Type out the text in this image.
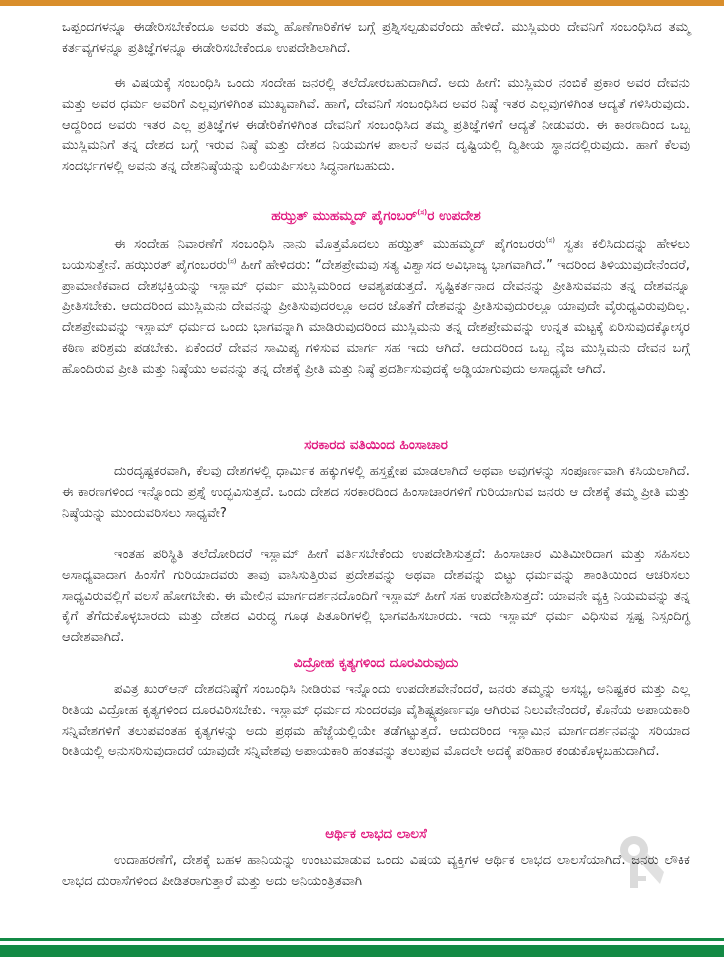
ಒಪ್ಪಂದಗಳನ್ನೂ ಈಡೇರಿಸಬೇಕೆಂದೂ ಅವರು ತಮ್ಮ ಹೊಣೆಗಾರಿಕೆಗಳ ಬಗ್ಗೆ ಪ್ರಶ್ನಿಸಲ್ಪಡುವರೆಂದು ಹೇಳಿದೆ. ಮುಸ್ಲಿಮರು ದೇವನಿಗೆ ಸಂಬಂಧಿಸಿದ ತಮ್ಮ ಕರ್ತವ್ಯಗಳನ್ನೂ ಪ್ರತಿಜ್ಞೆಗಳನ್ನೂ ಈಡೇರಿಸಬೇಕೆಂದೂ ಉಪದೇಶಿಲಾಗಿದೆ.

ಈ ವಿಷಯಕ್ಕೆ ಸಂಬಂಧಿಸಿ ಒಂದು ಸಂದೇಹ ಜನರಲ್ಲಿ ತಲೆದೋರಬಹುದಾಗಿದೆ. ಅದು ಹೀಗೆ: ಮುಸ್ಲಿಮರ ನಂಬಿಕೆ ಪ್ರಕಾರ ಅವರ ದೇವನು ಮತ್ತು ಅವರ ಧರ್ಮ ಅವರಿಗೆ ಎಲ್ಲವುಗಳಿಗಿಂತ ಮುಖ್ಯವಾಗಿವೆ. ಹಾಗೆ, ದೇವನಿಗೆ ಸಂಬಂಧಿಸಿದ ಅವರ ನಿಷ್ಠೆ ಇತರ ಎಲ್ಲವುಗಳಿಗಿಂತ ಆದ್ಯತೆ ಗಳಿಸಿರುವುದು. ಆದ್ದರಿಂದ ಅವರು ಇತರ ಎಲ್ಲ ಪ್ರತಿಜ್ಞೆಗಳ ಈಡೇರಿಕೆಗಳಿಗಿಂತ ದೇವನಿಗೆ ಸಂಬಂಧಿಸಿದ ತಮ್ಮ ಪ್ರತಿಜ್ಞೆಗಳಿಗೆ ಆದ್ಯತೆ ನೀಡುವರು. ಈ ಕಾರಣದಿಂದ ಒಬ್ಬ ಮುಸ್ಲಿಮನಿಗೆ ತನ್ನ ದೇಶದ ಬಗ್ಗೆ ಇರುವ ನಿಷ್ಠೆ ಮತ್ತು ದೇಶದ ನಿಯಮಗಳ ಪಾಲನೆ ಅವನ ದೃಷ್ಟಿಯಲ್ಲಿ ದ್ವಿತೀಯ ಸ್ಥಾನದಲ್ಲಿರುವುದು. ಹಾಗೆ ಕೆಲವು ಸಂದರ್ಭಗಳಲ್ಲಿ ಅವನು ತನ್ನ ದೇಶನಿಷ್ಠೆಯನ್ನು ಬಲಿಯರ್ಪಿಸಲು ಸಿದ್ಧನಾಗಬಹುದು.

ಹಝ್ರತ್ ಮುಹಮ್ಮದ್ ಪೈಗಂಬರ್$^{(ಸ)}$ರ ಉಪದೇಶ

ಈ ಸಂದೇಹ ನಿವಾರಣೆಗೆ ಸಂಬಂಧಿಸಿ ನಾನು ಮೊತ್ತಮೊದಲು ಹಝ್ರತ್ ಮುಹಮ್ಮದ್ ಪೈಗಂಬರರು$^{(ಸ)}$ ಸ್ವತಃ ಕಲಿಸಿದುದನ್ನು ಹೇಳಲು ಬಯಸುತ್ತೇನೆ. ಹಝುರತ್ ಪೈಗಂಬರರು$^{(ಸ)}$ ಹೀಗೆ ಹೇಳಿದರು: “ದೇಶಪ್ರೇಮವು ಸತ್ಯ ವಿಶ್ವಾಸದ ಅವಿಭಾಜ್ಯ ಭಾಗವಾಗಿದೆ.” ಇದರಿಂದ ತಿಳಿಯುವುದೇನೆಂದರೆ, ಪ್ರಾಮಾಣಿಕವಾದ ದೇಶಭಕ್ತಿಯನ್ನು ಇಸ್ಲಾಮ್ ಧರ್ಮ ಮುಸ್ಲಿಮರಿಂದ ಆವಶ್ಯಪಡುತ್ತದೆ. ಸೃಷ್ಟಿಕರ್ತನಾದ ದೇವನನ್ನು ಪ್ರೀತಿಸುವವನು ತನ್ನ ದೇಶವನ್ನೂ ಪ್ರೀತಿಸಬೇಕು. ಆದುದರಿಂದ ಮುಸ್ಲಿಮನು ದೇವನನ್ನು ಪ್ರೀತಿಸುವುದರಲ್ಲೂ ಅದರ ಜೊತೆಗೆ ದೇಶವನ್ನು ಪ್ರೀತಿಸುವುದುರಲ್ಲೂ ಯಾವುದೇ ವೈರುಧ್ಯವಿರುವುದಿಲ್ಲ. ದೇಶಪ್ರೇಮವನ್ನು ಇಸ್ಲಾಮ್ ಧರ್ಮದ ಒಂದು ಭಾಗವನ್ನಾಗಿ ಮಾಡಿರುವುದರಿಂದ ಮುಸ್ಲಿಮನು ತನ್ನ ದೇಶಪ್ರೇಮವನ್ನು ಉನ್ನತ ಮಟ್ಟಕ್ಕೆ ಏರಿಸುವುದಕ್ಕೋಸ್ಕರ ಕಠಿಣ ಪರಿಶ್ರಮ ಪಡಬೇಕು. ಏಕೆಂದರೆ ದೇವನ ಸಾಮಿಪ್ಯ ಗಳಿಸುವ ಮಾರ್ಗ ಸಹ ಇದು ಆಗಿದೆ. ಆದುದರಿಂದ ಒಬ್ಬ ನೈಜ ಮುಸ್ಲಿಮನು ದೇವನ ಬಗ್ಗೆ ಹೊಂದಿರುವ ಪ್ರೀತಿ ಮತ್ತು ನಿಷ್ಠೆಯು ಅವನನ್ನು ತನ್ನ ದೇಶಕ್ಕೆ ಪ್ರೀತಿ ಮತ್ತು ನಿಷ್ಠೆ ಪ್ರದರ್ಶಿಸುವುದಕ್ಕೆ ಅಡ್ಡಿಯಾಗುವುದು ಅಸಾಧ್ಯವೇ ಆಗಿದೆ.

ಸರಕಾರದ ವತಿಯಿಂದ ಹಿಂಸಾಚಾರ

ದುರದೃಷ್ಟಕರವಾಗಿ, ಕೆಲವು ದೇಶಗಳಲ್ಲಿ ಧಾರ್ಮಿಕ ಹಕ್ಕುಗಳಲ್ಲಿ ಹಸ್ತಕ್ಷೇಪ ಮಾಡಲಾಗಿದೆ ಅಥವಾ ಅವುಗಳನ್ನು ಸಂಪೂರ್ಣವಾಗಿ ಕಸಿಯಲಾಗಿದೆ. ಈ ಕಾರಣಗಳಿಂದ ಇನ್ನೊಂದು ಪ್ರಶ್ನೆ ಉದ್ಭವಿಸುತ್ತದೆ. ಒಂದು ದೇಶದ ಸರಕಾರದಿಂದ ಹಿಂಸಾಚಾರಗಳಿಗೆ ಗುರಿಯಾಗುವ ಜನರು ಆ ದೇಶಕ್ಕೆ ತಮ್ಮ ಪ್ರೀತಿ ಮತ್ತು ನಿಷ್ಠೆಯನ್ನು ಮುಂದುವರಿಸಲು ಸಾಧ್ಯವೇ?

ಇಂತಹ ಪರಿಸ್ಥಿತಿ ತಲೆದೋರಿದರೆ ಇಸ್ಲಾಮ್ ಹೀಗೆ ವರ್ತಿಸಬೇಕೆಂದು ಉಪದೇಶಿಸುತ್ತದೆ: ಹಿಂಸಾಚಾರ ಮಿತಿಮೀರಿದಾಗ ಮತ್ತು ಸಹಿಸಲು ಅಸಾಧ್ಯವಾದಾಗ ಹಿಂಸೆಗೆ ಗುರಿಯಾದವರು ತಾವು ವಾಸಿಸುತ್ತಿರುವ ಪ್ರದೇಶವನ್ನು ಅಥವಾ ದೇಶವನ್ನು ಬಿಟ್ಟು ಧರ್ಮವನ್ನು ಶಾಂತಿಯಿಂದ ಆಚರಿಸಲು ಸಾಧ್ಯವಿರುವಲ್ಲಿಗೆ ವಲಸೆ ಹೋಗಬೇಕು. ಈ ಮೇಲಿನ ಮಾರ್ಗದರ್ಶನದೊಂದಿಗೆ ಇಸ್ಲಾಮ್ ಹೀಗೆ ಸಹ ಉಪದೇಶಿಸುತ್ತದೆ: ಯಾವನೇ ವ್ಯಕ್ತಿ ನಿಯಮವನ್ನು ತನ್ನ ಕೈಗೆ ತೆಗೆದುಕೊಳ್ಳಬಾರದು ಮತ್ತು ದೇಶದ ವಿರುದ್ಧ ಗೂಢ ಪಿತೂರಿಗಳಲ್ಲಿ ಭಾಗವಹಿಸಬಾರದು. ಇದು ಇಸ್ಲಾಮ್ ಧರ್ಮ ವಿಧಿಸುವ ಸ್ಪಷ್ಟ ನಿಸ್ಸಂದಿಗ್ಧ ಆದೇಶವಾಗಿದೆ.

ವಿದ್ರೋಹ ಕೃತ್ಯಗಳಿಂದ ದೂರವಿರುವುದು

ಪವಿತ್ರ ಖುರ್‌ಆನ್ ದೇಶದನಿಷ್ಠೆಗೆ ಸಂಬಂಧಿಸಿ ನೀಡಿರುವ ಇನ್ನೊಂದು ಉಪದೇಶವೇನೆಂದರೆ, ಜನರು ತಮ್ಮನ್ನು ಅಸಭ್ಯ, ಅನಿಷ್ಟಕರ ಮತ್ತು ಎಲ್ಲ ರೀತಿಯ ವಿದ್ರೋಹ ಕೃತ್ಯಗಳಿಂದ ದೂರವಿರಿಸಬೇಕು. ಇಸ್ಲಾಮ್ ಧರ್ಮದ ಸುಂದರವೂ ವೈಶಿಷ್ಟ್ಯಪೂರ್ಣವೂ ಆಗಿರುವ ನಿಲುವೇನೆಂದರೆ, ಕೊನೆಯ ಅಪಾಯಕಾರಿ ಸನ್ನಿವೇಶಗಳಿಗೆ ತಲುಪವಂತಹ ಕೃತ್ಯಗಳನ್ನು ಅದು ಪ್ರಥಮ ಹೆಜ್ಜೆಯಲ್ಲಿಯೇ ತಡೆಗಟ್ಟುತ್ತದೆ. ಆದುದರಿಂದ ಇಸ್ಲಾಮಿನ ಮಾರ್ಗದರ್ಶನವನ್ನು ಸರಿಯಾದ ರೀತಿಯಲ್ಲಿ ಅನುಸರಿಸುವುದಾದರೆ ಯಾವುದೇ ಸನ್ನಿವೇಶವು ಅಪಾಯಕಾರಿ ಹಂತವನ್ನು ತಲುಪುವ ಮೊದಲೇ ಅದಕ್ಕೆ ಪರಿಹಾರ ಕಂಡುಕೊಳ್ಳಬಹುದಾಗಿದೆ.

ಆರ್ಥಿಕ ಲಾಭದ ಲಾಲಸೆ

ಉದಾಹರಣೆಗೆ, ದೇಶಕ್ಕೆ ಬಹಳ ಹಾನಿಯನ್ನು ಉಂಟುಮಾಡುವ ಒಂದು ವಿಷಯ ವ್ಯಕ್ತಿಗಳ ಆರ್ಥಿಕ ಲಾಭದ ಲಾಲಸೆಯಾಗಿದೆ. ಜನರು ಲೌಕಿಕ ಲಾಭದ ದುರಾಸೆಗಳಿಂದ ಪೀಡಿತರಾಗುತ್ತಾರೆ ಮತ್ತು ಅದು ಅನಿಯಂತ್ರಿತವಾಗಿ
